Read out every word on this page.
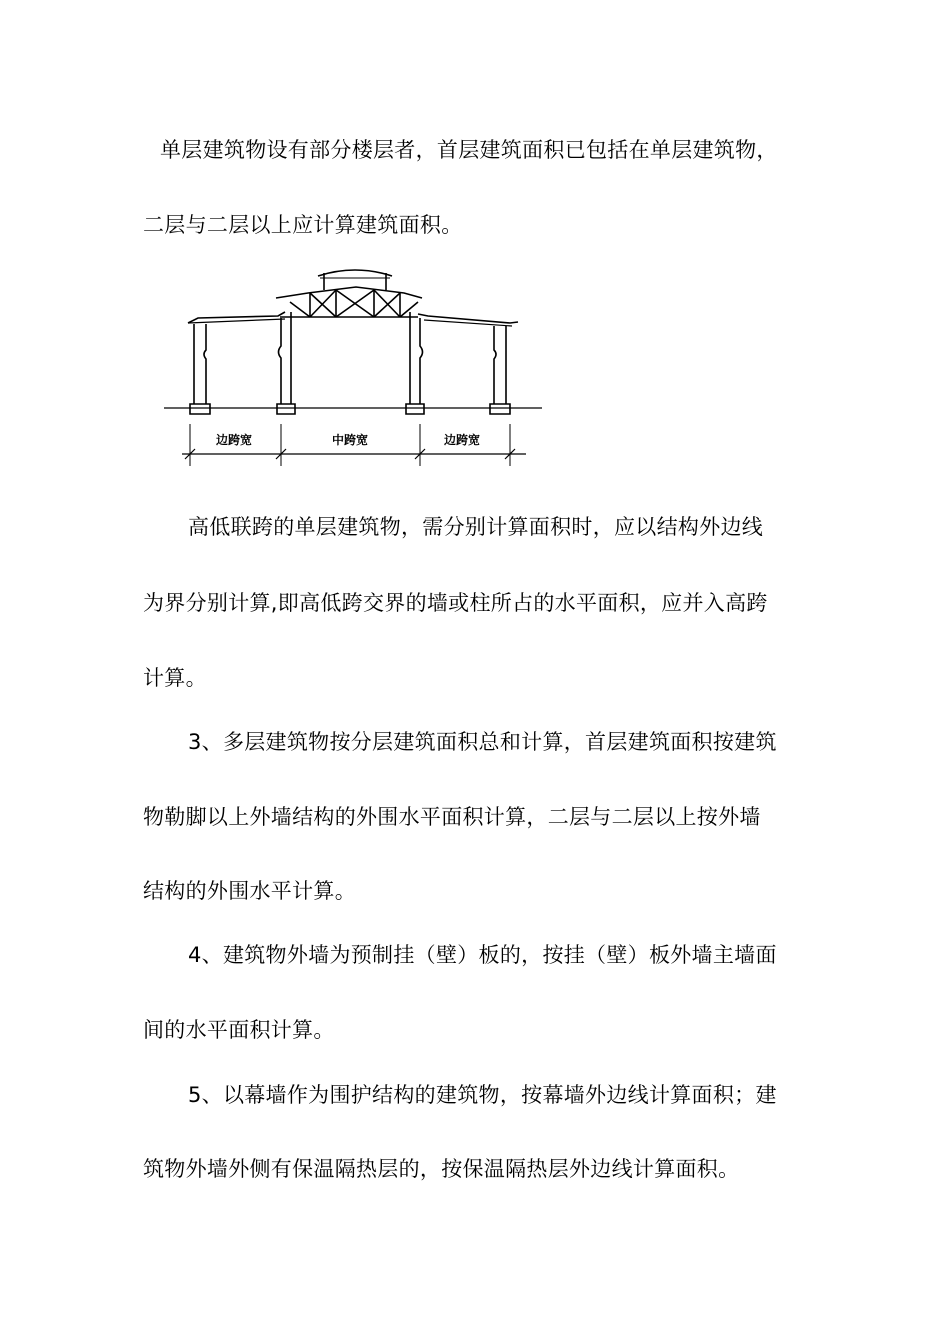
单层建筑物设有部分楼层者，首层建筑面积已包括在单层建筑物，
二层与二层以上应计算建筑面积。
边跨宽	中跨宽	边跨宽
高低联跨的单层建筑物，需分别计算面积时，应以结构外边线
为界分别计算,即高低跨交界的墙或柱所占的水平面积，应并入高跨
计算。
3、多层建筑物按分层建筑面积总和计算，首层建筑面积按建筑
物勒脚以上外墙结构的外围水平面积计算，二层与二层以上按外墙
结构的外围水平计算。
4、建筑物外墙为预制挂（壁）板的，按挂（壁）板外墙主墙面
间的水平面积计算。
5、以幕墙作为围护结构的建筑物，按幕墙外边线计算面积；建
筑物外墙外侧有保温隔热层的，按保温隔热层外边线计算面积。
